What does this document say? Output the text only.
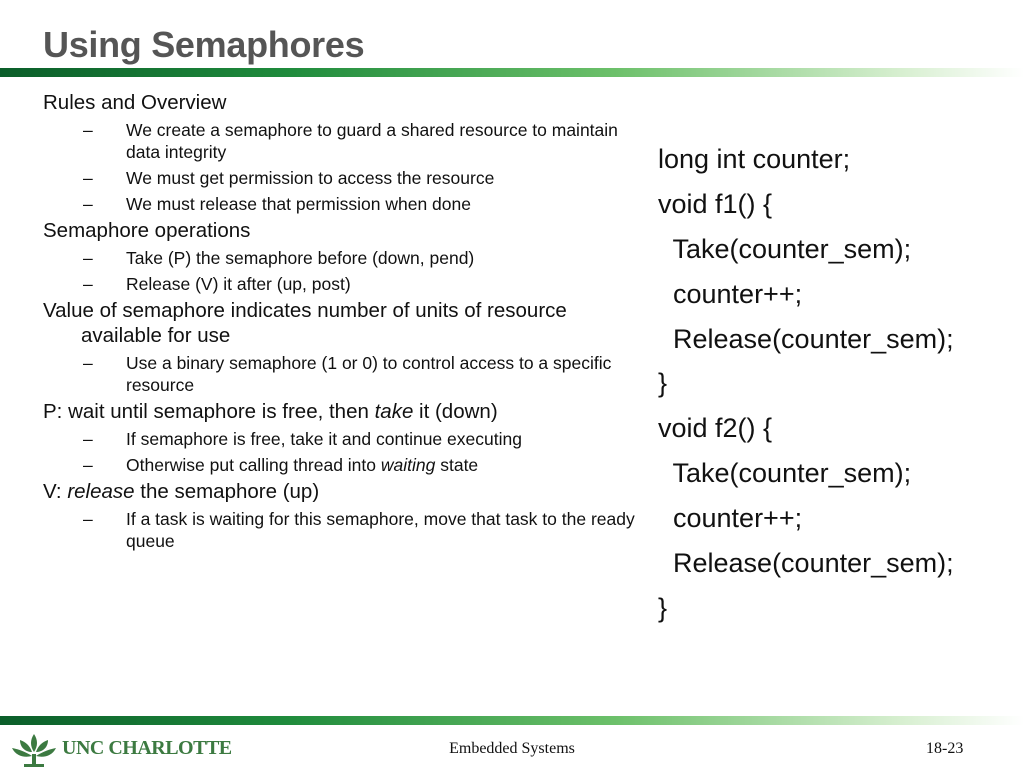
Using Semaphores
Rules and Overview
– We create a semaphore to guard a shared resource to maintain data integrity
– We must get permission to access the resource
– We must release that permission when done
Semaphore operations
– Take (P) the semaphore before (down, pend)
– Release (V) it after (up, post)
Value of semaphore indicates number of units of resource available for use
– Use a binary semaphore (1 or 0) to control access to a specific resource
P: wait until semaphore is free, then take it (down)
– If semaphore is free, take it and continue executing
– Otherwise put calling thread into waiting state
V: release the semaphore (up)
– If a task is waiting for this semaphore, move that task to the ready queue
long int counter;
void f1() {
Take(counter_sem);
counter++;
Release(counter_sem);
}
void f2() {
Take(counter_sem);
counter++;
Release(counter_sem);
}
UNC CHARLOTTE	Embedded Systems	18-23
